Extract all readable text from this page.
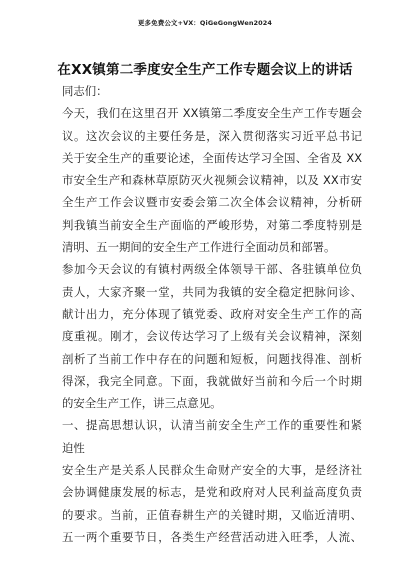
更多免费公文+VX：QiGeGongWen2024
在XX镇第二季度安全生产工作专题会议上的讲话
同志们：
今天，我们在这里召开 XX镇第二季度安全生产工作专题会
议。这次会议的主要任务是，深入贯彻落实习近平总书记
关于安全生产的重要论述，全面传达学习全国、全省及 XX
市安全生产和森林草原防灭火视频会议精神，以及 XX市安
全生产工作会议暨市安委会第二次全体会议精神，分析研
判我镇当前安全生产面临的严峻形势，对第二季度特别是
清明、五一期间的安全生产工作进行全面动员和部署。
参加今天会议的有镇村两级全体领导干部、各驻镇单位负
责人，大家齐聚一堂，共同为我镇的安全稳定把脉问诊、
献计出力，充分体现了镇党委、政府对安全生产工作的高
度重视。刚才，会议传达学习了上级有关会议精神，深刻
剖析了当前工作中存在的问题和短板，问题找得准、剖析
得深，我完全同意。下面，我就做好当前和今后一个时期
的安全生产工作，讲三点意见。
一、提高思想认识，认清当前安全生产工作的重要性和紧
迫性
安全生产是关系人民群众生命财产安全的大事，是经济社
会协调健康发展的标志，是党和政府对人民利益高度负责
的要求。当前，正值春耕生产的关键时期，又临近清明、
五一两个重要节日，各类生产经营活动进入旺季，人流、
